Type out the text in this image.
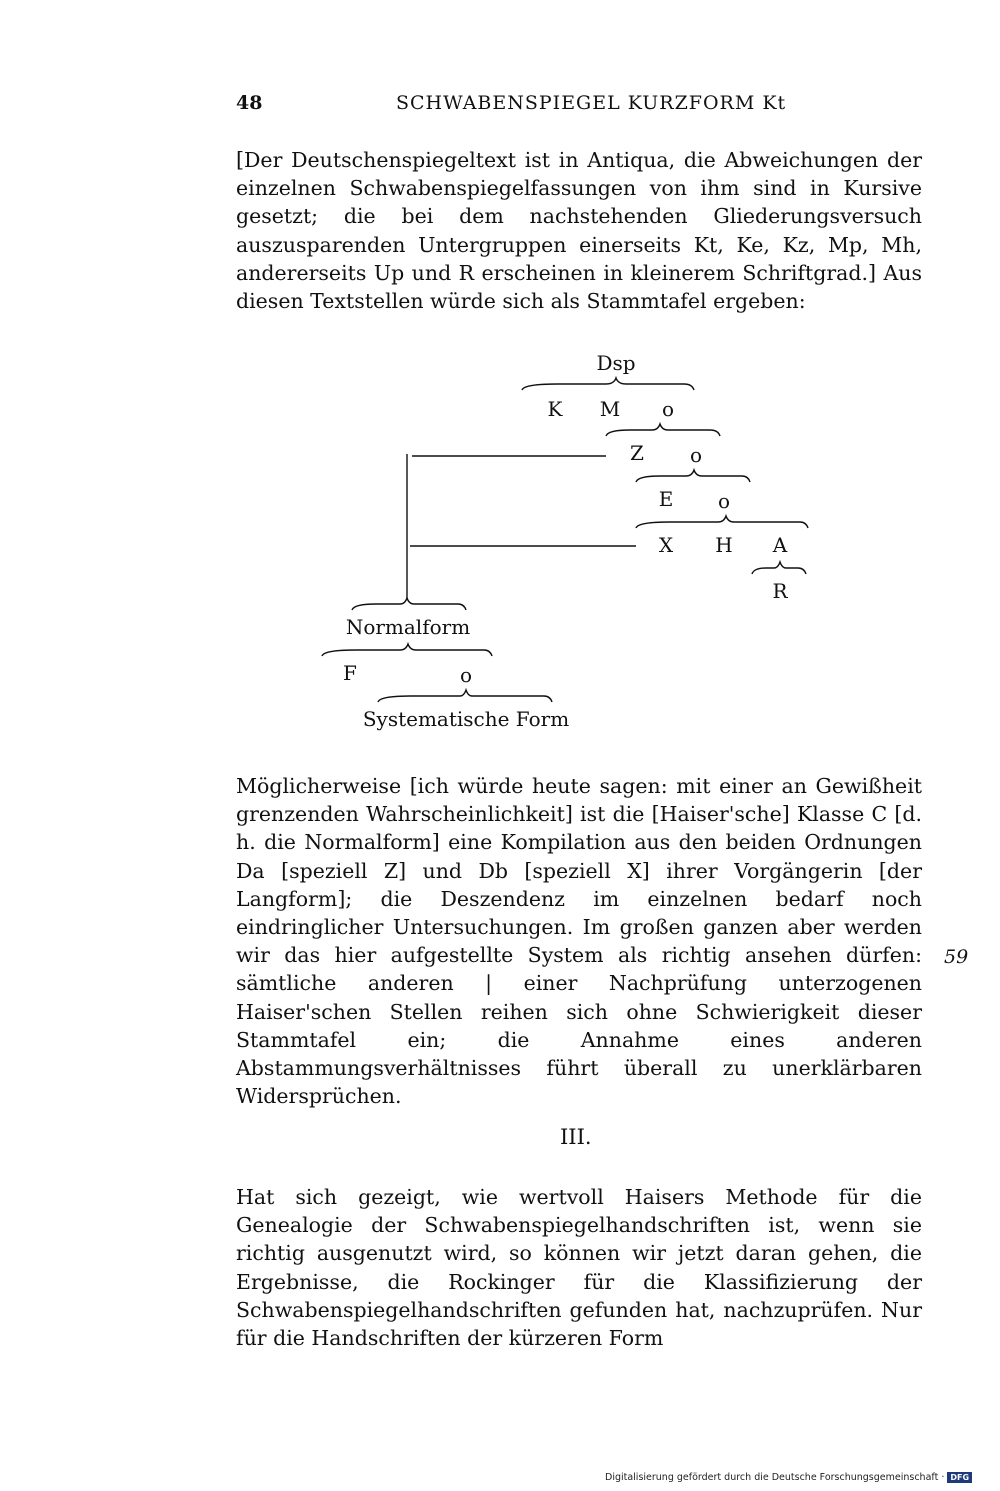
48	SCHWABENSPIEGEL KURZFORM Kt

[Der Deutschenspiegeltext ist in Antiqua, die Abweichungen der einzelnen Schwabenspiegelfassungen von ihm sind in Kursive gesetzt; die bei dem nachstehenden Gliederungsversuch auszusparenden Untergruppen einerseits Kt, Ke, Kz, Mp, Mh, andererseits Up und R erscheinen in kleinerem Schriftgrad.] Aus diesen Textstellen würde sich als Stammtafel ergeben:

Dsp
K M o
Z o
E o
X H A
R
Normalform
F	o
Systematische Form

Möglicherweise [ich würde heute sagen: mit einer an Gewißheit grenzenden Wahrscheinlichkeit] ist die [Haiser'sche] Klasse C [d. h. die Normalform] eine Kompilation aus den beiden Ordnungen Da [speziell Z] und Db [speziell X] ihrer Vorgängerin [der Langform]; die Deszendenz im einzelnen bedarf noch eindringlicher Untersuchungen. Im großen ganzen aber werden wir das hier aufgestellte System als richtig ansehen dürfen: sämtliche anderen | einer Nachprüfung unterzogenen Haiser'schen Stellen reihen sich ohne Schwierigkeit dieser Stammtafel ein; die Annahme eines anderen Abstammungsverhältnisses führt überall zu unerklärbaren Widersprüchen.

59
III.

Hat sich gezeigt, wie wertvoll Haisers Methode für die Genealogie der Schwabenspiegelhandschriften ist, wenn sie richtig ausgenutzt wird, so können wir jetzt daran gehen, die Ergebnisse, die Rockinger für die Klassifizierung der Schwabenspiegelhandschriften gefunden hat, nachzuprüfen. Nur für die Handschriften der kürzeren Form

Digitalisierung gefördert durch die Deutsche Forschungsgemeinschaft · DFG
